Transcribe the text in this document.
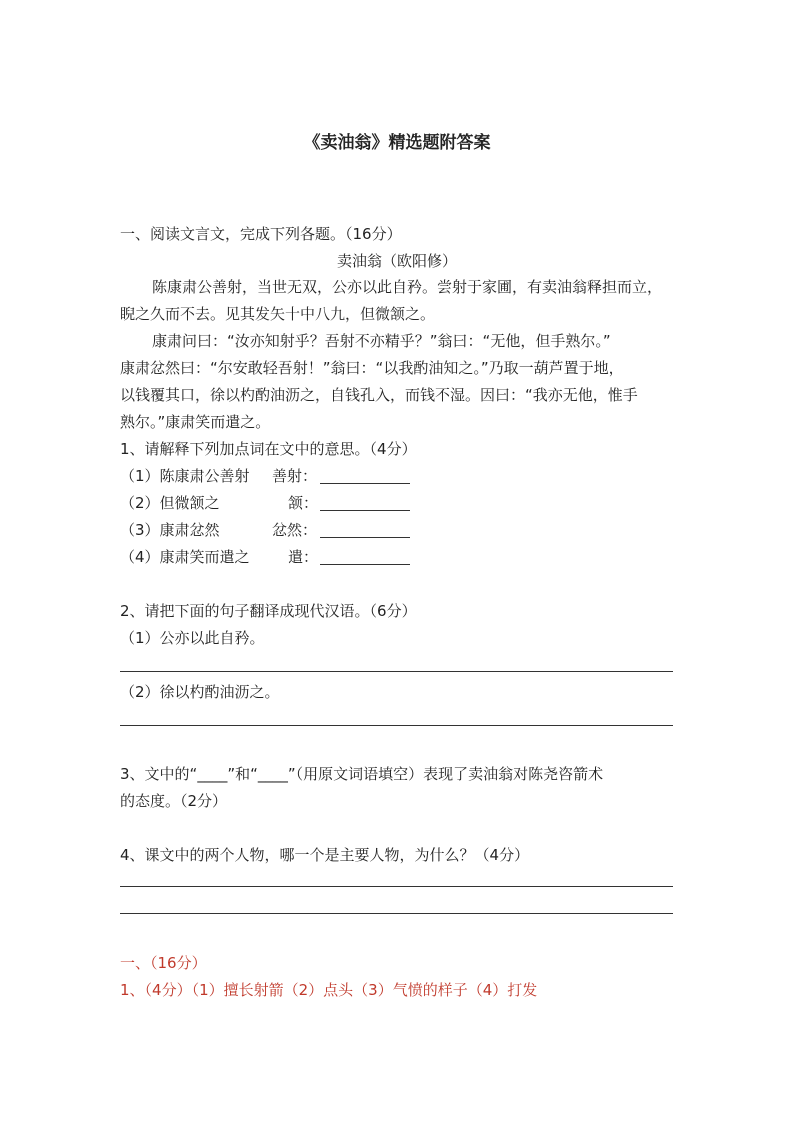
《卖油翁》精选题附答案
一、阅读文言文，完成下列各题。（16分）
卖油翁（欧阳修）
陈康肃公善射，当世无双，公亦以此自矜。尝射于家圃，有卖油翁释担而立，
睨之久而不去。见其发矢十中八九，但微颔之。
康肃问曰：“汝亦知射乎？吾射不亦精乎？”翁曰：“无他，但手熟尔。”
康肃忿然曰：“尔安敢轻吾射！”翁曰：“以我酌油知之。”乃取一葫芦置于地，
以钱覆其口，徐以杓酌油沥之，自钱孔入，而钱不湿。因曰：“我亦无他，惟手
熟尔。”康肃笑而遣之。
1、请解释下列加点词在文中的意思。（4分）
（1）陈康肃公善射 善射：
（2）但微颔之	颔：
（3）康肃忿然	忿然：
（4）康肃笑而遣之	遣：
2、请把下面的句子翻译成现代汉语。（6分）
（1）公亦以此自矜。
（2）徐以杓酌油沥之。
3、文中的“____”和“____”（用原文词语填空）表现了卖油翁对陈尧咨箭术
的态度。（2分）
4、课文中的两个人物，哪一个是主要人物，为什么？（4分）
一、（16分）
1、（4分）（1）擅长射箭（2）点头（3）气愤的样子（4）打发
